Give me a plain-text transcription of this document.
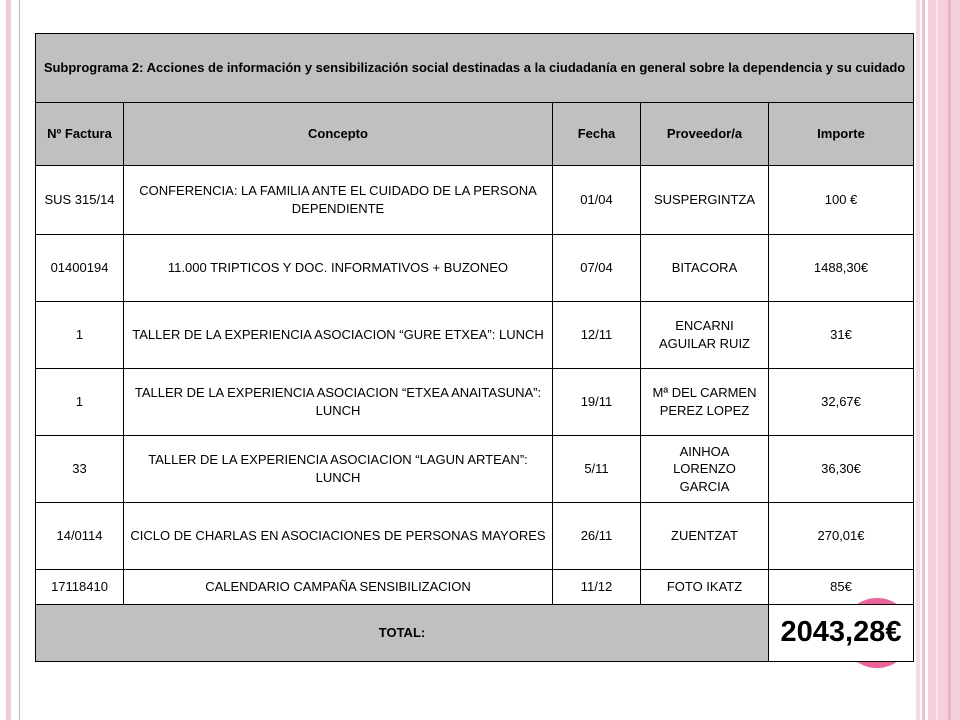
Subprograma 2: Acciones de información y sensibilización social destinadas a la ciudadanía en general sobre la dependencia y su cuidado				
Nº Factura	Concepto	Fecha	Proveedor/a	Importe
SUS 315/14	CONFERENCIA: LA FAMILIA ANTE EL CUIDADO DE LA PERSONA DEPENDIENTE	01/04	SUSPERGINTZA	100 €
01400194	11.000 TRIPTICOS Y DOC. INFORMATIVOS + BUZONEO	07/04	BITACORA	1488,30€
1	TALLER DE LA EXPERIENCIA ASOCIACION “GURE ETXEA”: LUNCH	12/11	ENCARNI AGUILAR RUIZ	31€
1	TALLER DE LA EXPERIENCIA ASOCIACION “ETXEA ANAITASUNA”: LUNCH	19/11	Mª DEL CARMEN PEREZ LOPEZ	32,67€
33	TALLER DE LA EXPERIENCIA ASOCIACION “LAGUN ARTEAN”: LUNCH	5/11	AINHOA LORENZO GARCIA	36,30€
14/0114	CICLO DE CHARLAS EN ASOCIACIONES DE PERSONAS MAYORES	26/11	ZUENTZAT	270,01€
17118410	CALENDARIO CAMPAÑA SENSIBILIZACION	11/12	FOTO IKATZ	85€
TOTAL:				2043,28€
